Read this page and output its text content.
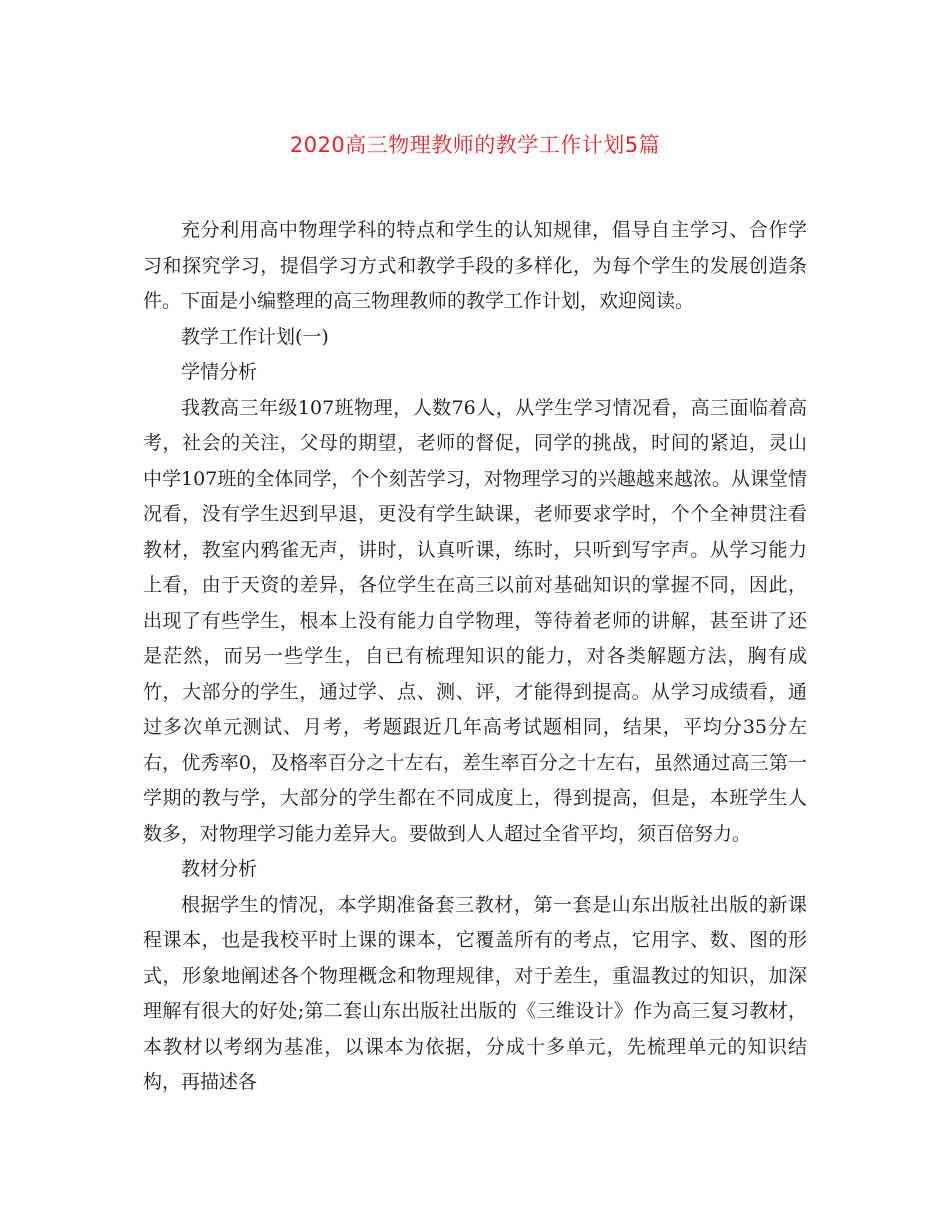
2020高三物理教师的教学工作计划5篇

充分利用高中物理学科的特点和学生的认知规律，倡导自主学习、合作学习和探究学习，提倡学习方式和教学手段的多样化，为每个学生的发展创造条件。下面是小编整理的高三物理教师的教学工作计划，欢迎阅读。

教学工作计划(一)

学情分析

我教高三年级107班物理，人数76人，从学生学习情况看，高三面临着高考，社会的关注，父母的期望，老师的督促，同学的挑战，时间的紧迫，灵山中学107班的全体同学，个个刻苦学习，对物理学习的兴趣越来越浓。从课堂情况看，没有学生迟到早退，更没有学生缺课，老师要求学时，个个全神贯注看教材，教室内鸦雀无声，讲时，认真听课，练时，只听到写字声。从学习能力上看，由于天资的差异，各位学生在高三以前对基础知识的掌握不同，因此，出现了有些学生，根本上没有能力自学物理，等待着老师的讲解，甚至讲了还是茫然，而另一些学生，自已有梳理知识的能力，对各类解题方法，胸有成竹，大部分的学生，通过学、点、测、评，才能得到提高。从学习成绩看，通过多次单元测试、月考，考题跟近几年高考试题相同，结果，平均分35分左右，优秀率0，及格率百分之十左右，差生率百分之十左右，虽然通过高三第一学期的教与学，大部分的学生都在不同成度上，得到提高，但是，本班学生人数多，对物理学习能力差异大。要做到人人超过全省平均，须百倍努力。

教材分析

根据学生的情况，本学期准备套三教材，第一套是山东出版社出版的新课程课本，也是我校平时上课的课本，它覆盖所有的考点，它用字、数、图的形式，形象地阐述各个物理概念和物理规律，对于差生，重温教过的知识，加深理解有很大的好处;第二套山东出版社出版的《三维设计》作为高三复习教材，本教材以考纲为基准，以课本为依据，分成十多单元，先梳理单元的知识结构，再描述各
